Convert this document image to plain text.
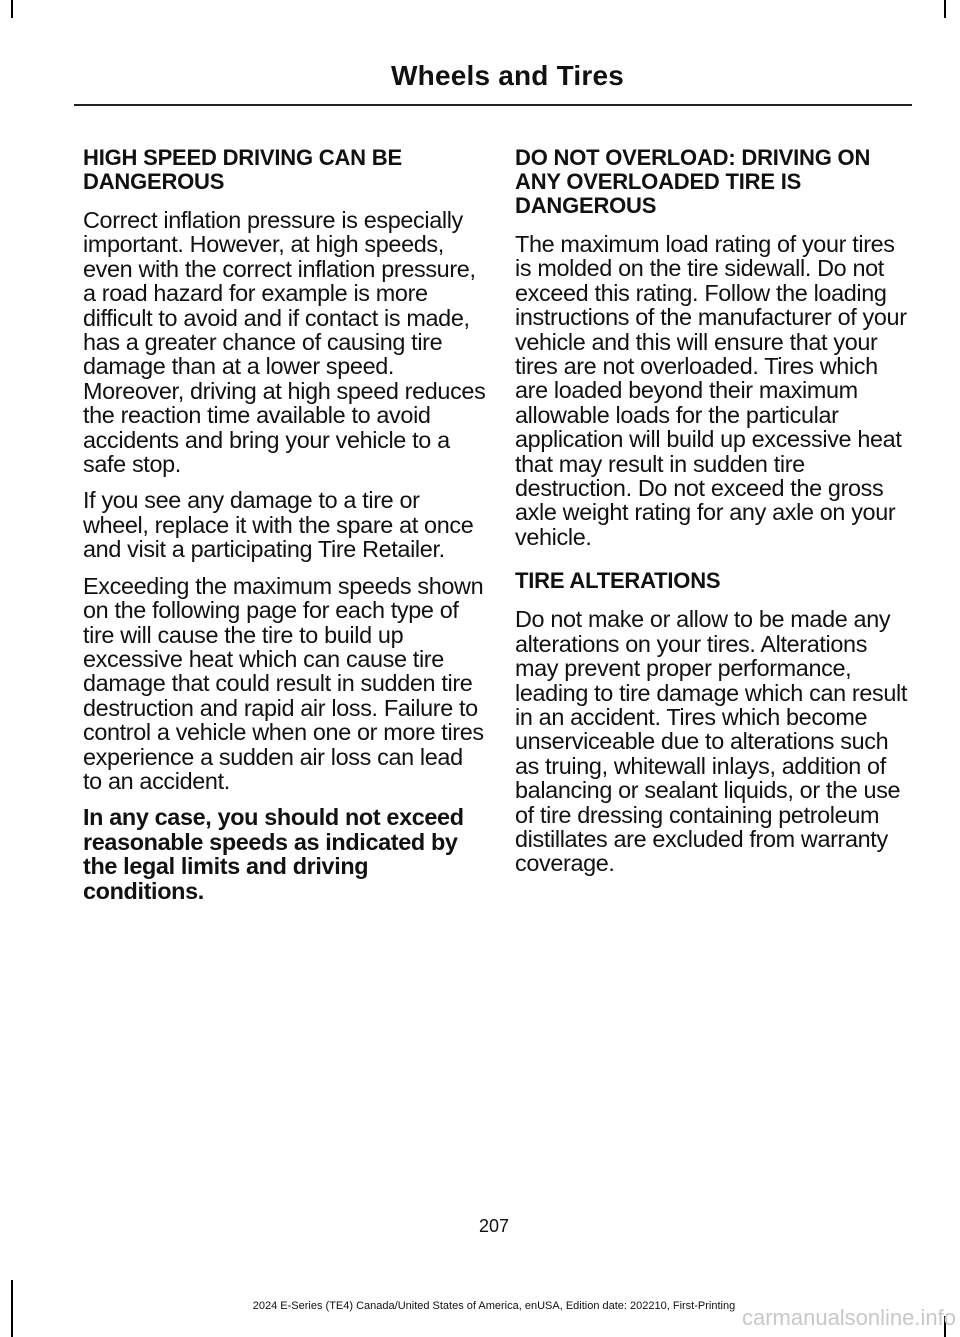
Wheels and Tires
HIGH SPEED DRIVING CAN BE DANGEROUS

Correct inflation pressure is especially important. However, at high speeds, even with the correct inflation pressure, a road hazard for example is more difficult to avoid and if contact is made, has a greater chance of causing tire damage than at a lower speed. Moreover, driving at high speed reduces the reaction time available to avoid accidents and bring your vehicle to a safe stop.

If you see any damage to a tire or wheel, replace it with the spare at once and visit a participating Tire Retailer.

Exceeding the maximum speeds shown on the following page for each type of tire will cause the tire to build up excessive heat which can cause tire damage that could result in sudden tire destruction and rapid air loss. Failure to control a vehicle when one or more tires experience a sudden air loss can lead to an accident.

In any case, you should not exceed reasonable speeds as indicated by the legal limits and driving conditions.

DO NOT OVERLOAD: DRIVING ON ANY OVERLOADED TIRE IS DANGEROUS

The maximum load rating of your tires is molded on the tire sidewall. Do not exceed this rating. Follow the loading instructions of the manufacturer of your vehicle and this will ensure that your tires are not overloaded. Tires which are loaded beyond their maximum allowable loads for the particular application will build up excessive heat that may result in sudden tire destruction. Do not exceed the gross axle weight rating for any axle on your vehicle.

TIRE ALTERATIONS

Do not make or allow to be made any alterations on your tires. Alterations may prevent proper performance, leading to tire damage which can result in an accident. Tires which become unserviceable due to alterations such as truing, whitewall inlays, addition of balancing or sealant liquids, or the use of tire dressing containing petroleum distillates are excluded from warranty coverage.

207
2024 E-Series (TE4) Canada/United States of America, enUSA, Edition date: 202210, First-Printing carmanualsonline.info
